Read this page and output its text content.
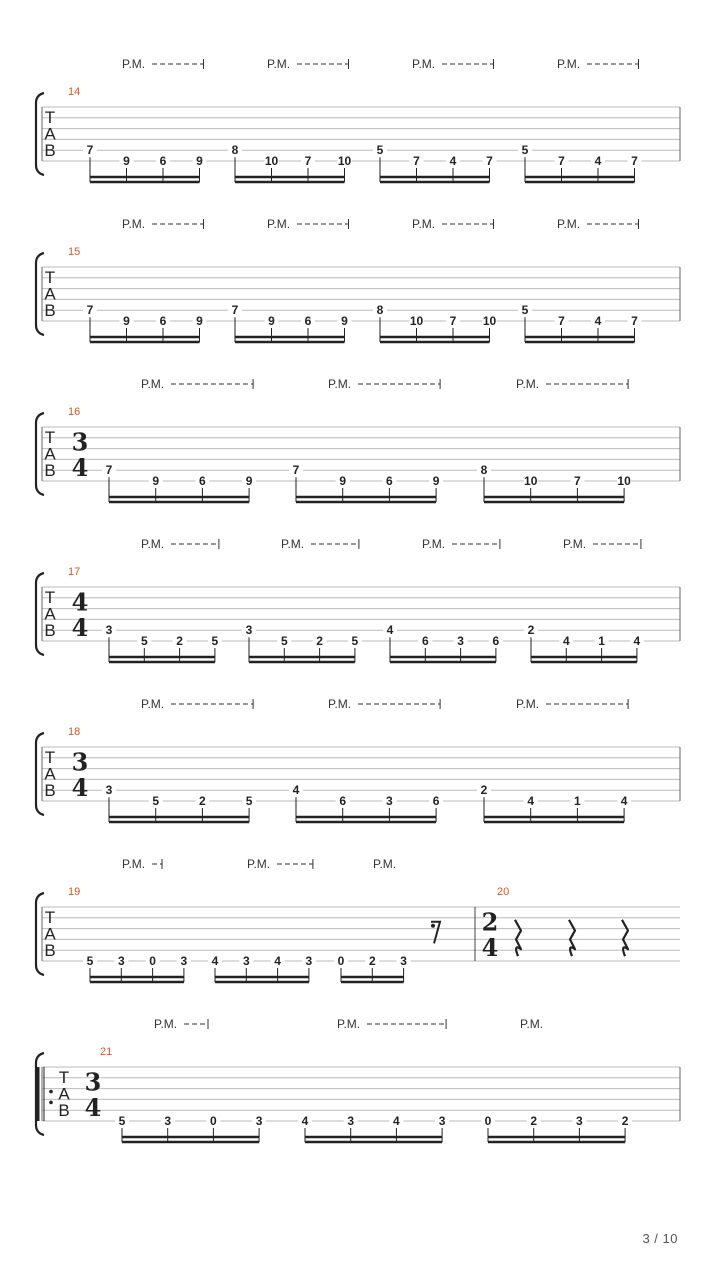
T
A
B
14
7
9 6 9
P.M.
8
10 7 10
P.M.
5
7 4 7
P.M.
5
7 4 7
P.M.
T
A
B
15
7
9 6 9
P.M.
7
9 6 9
P.M.
8
10 7 10
P.M.
5
7 4 7
P.M.
T
A
B
16
3
4 7
9	6	9
P.M.
7
9	6	9
P.M.
8
10	7	10
P.M.
T
A
B
17
4
4 3
5 2 5
P.M.
3
5 2 5
P.M.
4
6 3 6
P.M.
2
4 1 4
P.M.
T
A
B
18
3
4 3
5	2	5
P.M.
4
6	3	6
P.M.
2
4	1	4
P.M.
T
A
B
19
5 3 0 3
P.M.
4 3 4 3
P.M.
0 2 3
P.M.
20
2
4
T
A
B
21
3
4 5	3	0	3
P.M.
4	3	4	3
P.M.
0	2	3	2
P.M.
3 / 10
